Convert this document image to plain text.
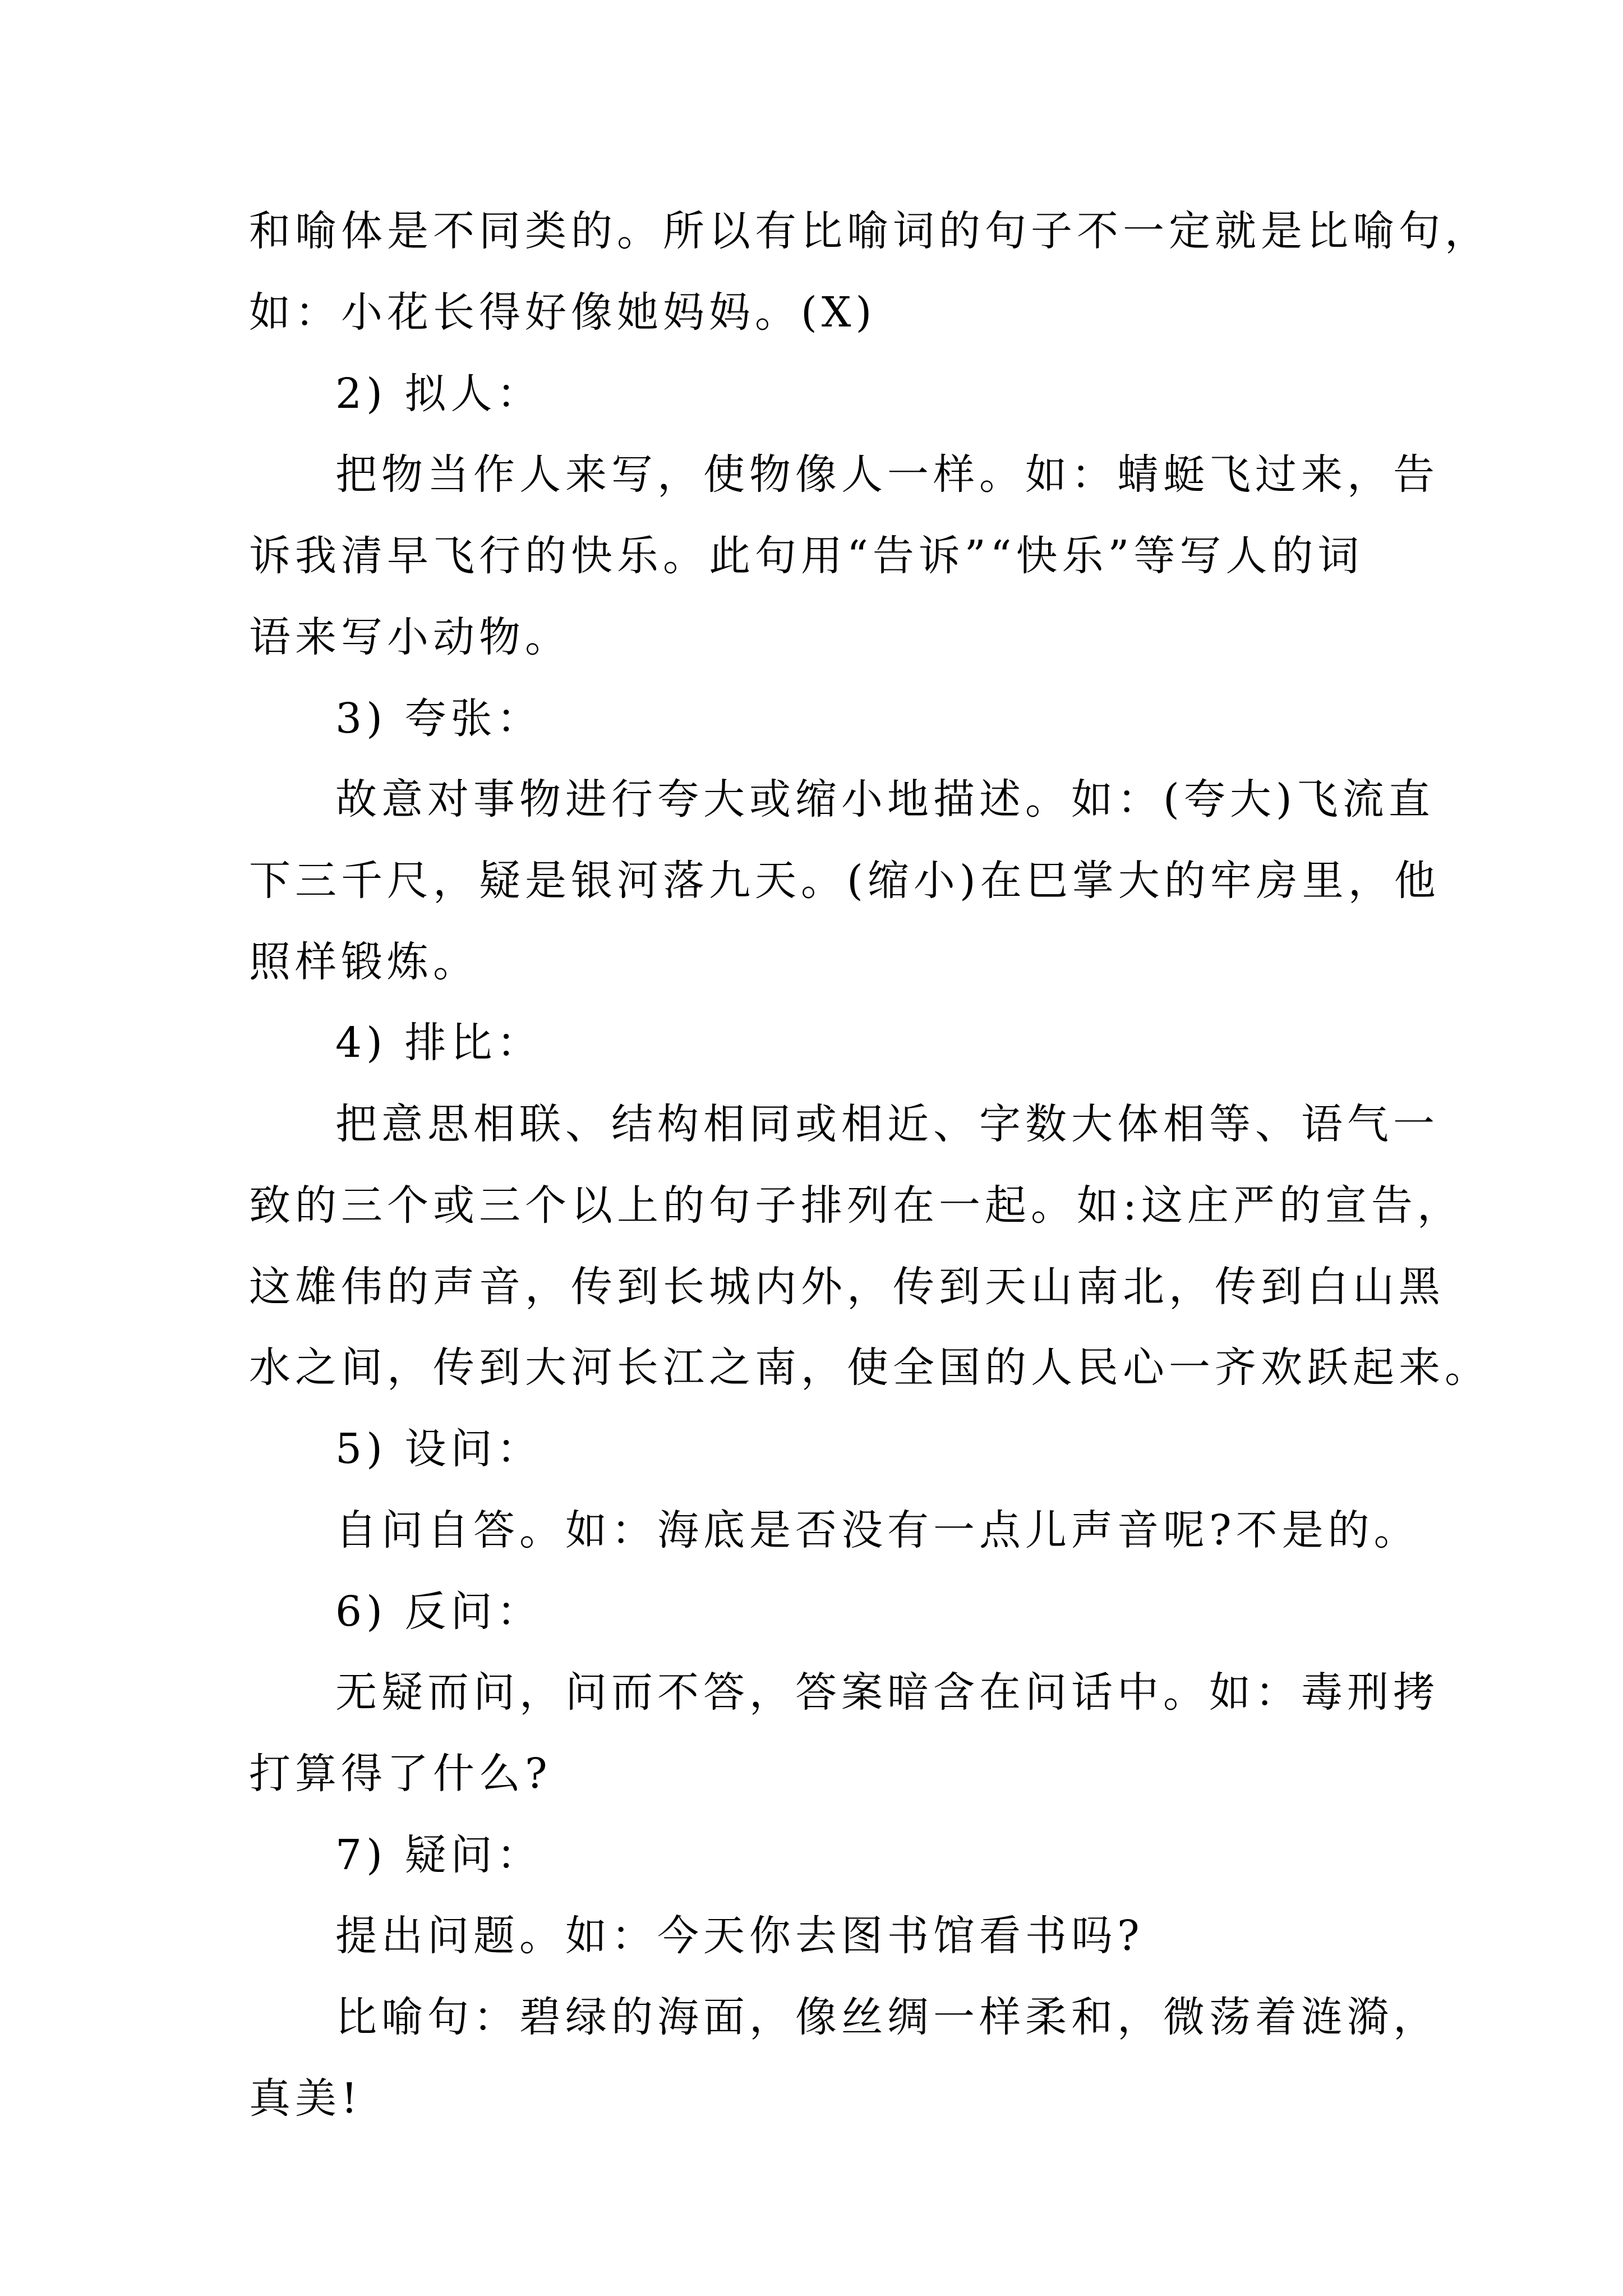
和喻体是不同类的。所以有比喻词的句子不一定就是比喻句，

如：小花长得好像她妈妈。(X)

2) 拟人：

把物当作人来写，使物像人一样。如：蜻蜓飞过来，告

诉我清早飞行的快乐。此句用“告诉”“快乐”等写人的词

语来写小动物。

3) 夸张：

故意对事物进行夸大或缩小地描述。如：(夸大)飞流直

下三千尺，疑是银河落九天。(缩小)在巴掌大的牢房里，他

照样锻炼。

4) 排比：

把意思相联、结构相同或相近、字数大体相等、语气一

致的三个或三个以上的句子排列在一起。如:这庄严的宣告，

这雄伟的声音，传到长城内外，传到天山南北，传到白山黑

水之间，传到大河长江之南，使全国的人民心一齐欢跃起来。

5) 设问：

自问自答。如：海底是否没有一点儿声音呢?不是的。

6) 反问：

无疑而问，问而不答，答案暗含在问话中。如：毒刑拷

打算得了什么?

7) 疑问：

提出问题。如：今天你去图书馆看书吗?

比喻句：碧绿的海面，像丝绸一样柔和，微荡着涟漪，

真美!
